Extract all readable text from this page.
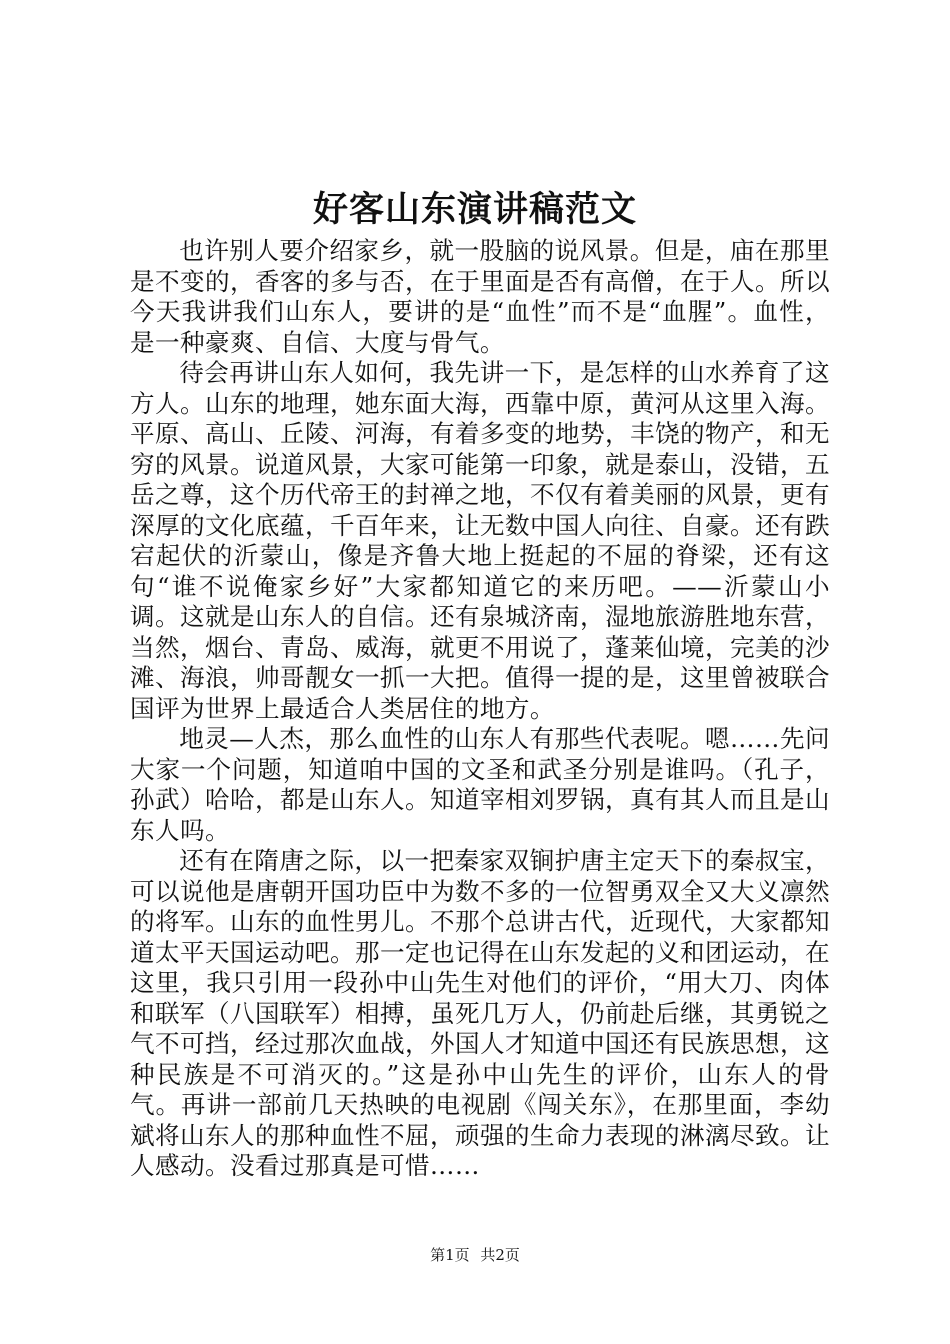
好客山东演讲稿范文

也许别人要介绍家乡，就一股脑的说风景。但是，庙在那里是不变的，香客的多与否，在于里面是否有高僧，在于人。所以今天我讲我们山东人，要讲的是“血性”而不是“血腥”。血性，是一种豪爽、自信、大度与骨气。

待会再讲山东人如何，我先讲一下，是怎样的山水养育了这方人。山东的地理，她东面大海，西靠中原，黄河从这里入海。平原、高山、丘陵、河海，有着多变的地势，丰饶的物产，和无穷的风景。说道风景，大家可能第一印象，就是泰山，没错，五岳之尊，这个历代帝王的封禅之地，不仅有着美丽的风景，更有深厚的文化底蕴，千百年来，让无数中国人向往、自豪。还有跌宕起伏的沂蒙山，像是齐鲁大地上挺起的不屈的脊梁，还有这句“谁不说俺家乡好”大家都知道它的来历吧。——沂蒙山小调。这就是山东人的自信。还有泉城济南，湿地旅游胜地东营，当然，烟台、青岛、威海，就更不用说了，蓬莱仙境，完美的沙滩、海浪，帅哥靓女一抓一大把。值得一提的是，这里曾被联合国评为世界上最适合人类居住的地方。

地灵—人杰，那么血性的山东人有那些代表呢。嗯……先问大家一个问题，知道咱中国的文圣和武圣分别是谁吗。（孔子，孙武）哈哈，都是山东人。知道宰相刘罗锅，真有其人而且是山东人吗。

还有在隋唐之际，以一把秦家双锏护唐主定天下的秦叔宝，可以说他是唐朝开国功臣中为数不多的一位智勇双全又大义凛然的将军。山东的血性男儿。不那个总讲古代，近现代，大家都知道太平天国运动吧。那一定也记得在山东发起的义和团运动，在这里，我只引用一段孙中山先生对他们的评价，“用大刀、肉体和联军（八国联军）相搏，虽死几万人，仍前赴后继，其勇锐之气不可挡，经过那次血战，外国人才知道中国还有民族思想，这种民族是不可消灭的。”这是孙中山先生的评价，山东人的骨气。再讲一部前几天热映的电视剧《闯关东》，在那里面，李幼斌将山东人的那种血性不屈，顽强的生命力表现的淋漓尽致。让人感动。没看过那真是可惜……

第1页 共2页
